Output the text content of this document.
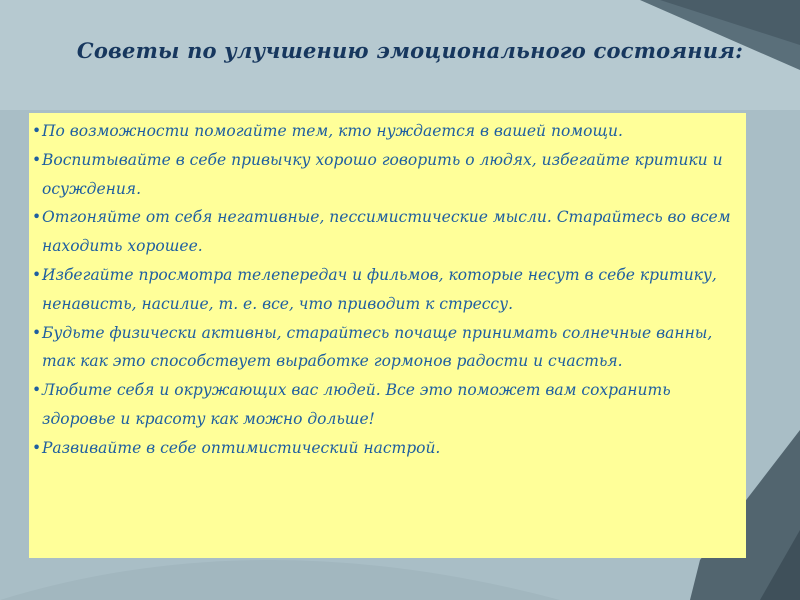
Советы по улучшению эмоционального состояния:
• По возможности помогайте тем, кто нуждается в вашей помощи.
• Воспитывайте в себе привычку хорошо говорить о людях, избегайте критики и осуждения.
• Отгоняйте от себя негативные, пессимистические мысли. Старайтесь во всем находить хорошее.
• Избегайте просмотра телепередач и фильмов, которые несут в себе критику, ненависть, насилие, т. е. все, что приводит к стрессу.
• Будьте физически активны, старайтесь почаще принимать солнечные ванны, так как это способствует выработке гормонов радости и счастья.
• Любите себя и окружающих вас людей. Все это поможет вам сохранить здоровье и красоту как можно дольше!
• Развивайте в себе оптимистический настрой.
